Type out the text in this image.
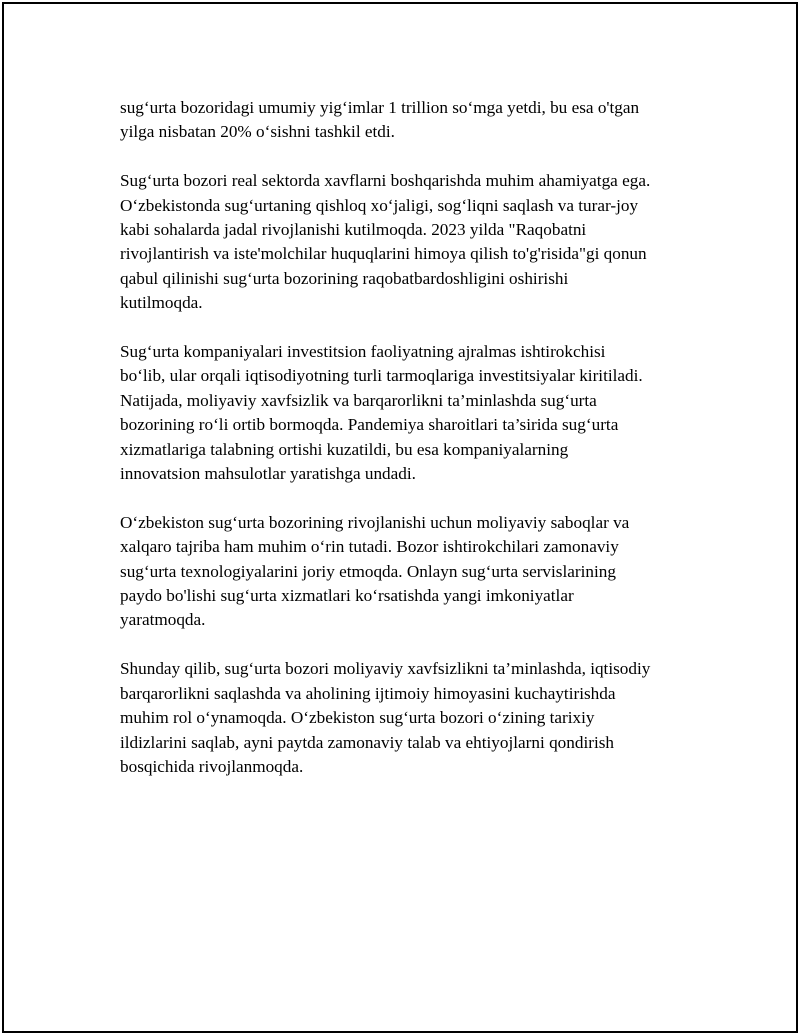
sug‘urta bozoridagi umumiy yig‘imlar 1 trillion so‘mga yetdi, bu esa o'tgan
yilga nisbatan 20% o‘sishni tashkil etdi.

Sug‘urta bozori real sektorda xavflarni boshqarishda muhim ahamiyatga ega.
O‘zbekistonda sug‘urtaning qishloq xo‘jaligi, sog‘liqni saqlash va turar-joy
kabi sohalarda jadal rivojlanishi kutilmoqda. 2023 yilda "Raqobatni
rivojlantirish va iste'molchilar huquqlarini himoya qilish to'g'risida"gi qonun
qabul qilinishi sug‘urta bozorining raqobatbardoshligini oshirishi
kutilmoqda.

Sug‘urta kompaniyalari investitsion faoliyatning ajralmas ishtirokchisi
bo‘lib, ular orqali iqtisodiyotning turli tarmoqlariga investitsiyalar kiritiladi.
Natijada, moliyaviy xavfsizlik va barqarorlikni ta’minlashda sug‘urta
bozorining ro‘li ortib bormoqda. Pandemiya sharoitlari ta’sirida sug‘urta
xizmatlariga talabning ortishi kuzatildi, bu esa kompaniyalarning
innovatsion mahsulotlar yaratishga undadi.

O‘zbekiston sug‘urta bozorining rivojlanishi uchun moliyaviy saboqlar va
xalqaro tajriba ham muhim o‘rin tutadi. Bozor ishtirokchilari zamonaviy
sug‘urta texnologiyalarini joriy etmoqda. Onlayn sug‘urta servislarining
paydo bo'lishi sug‘urta xizmatlari ko‘rsatishda yangi imkoniyatlar
yaratmoqda.

Shunday qilib, sug‘urta bozori moliyaviy xavfsizlikni ta’minlashda, iqtisodiy
barqarorlikni saqlashda va aholining ijtimoiy himoyasini kuchaytirishda
muhim rol o‘ynamoqda. O‘zbekiston sug‘urta bozori o‘zining tarixiy
ildizlarini saqlab, ayni paytda zamonaviy talab va ehtiyojlarni qondirish
bosqichida rivojlanmoqda.
